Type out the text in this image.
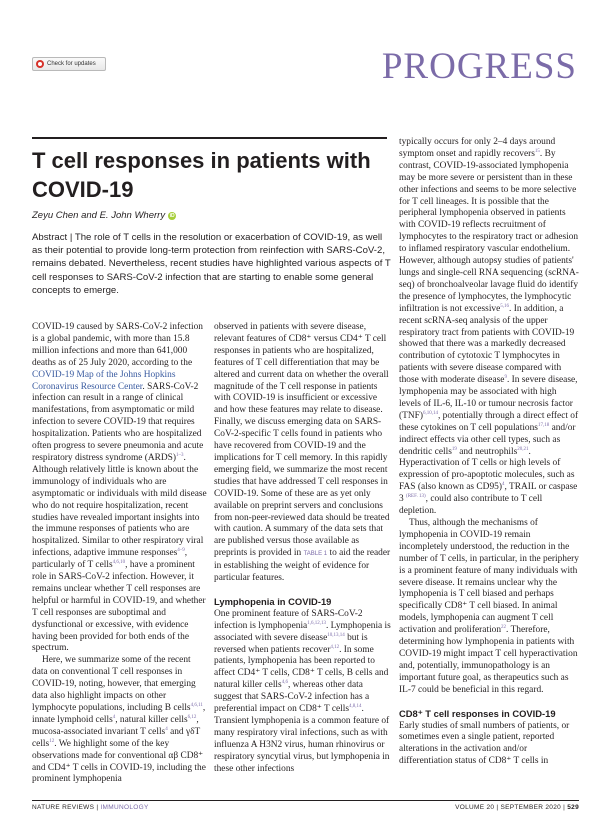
Check for updates	PROGRESS
T cell responses in patients with COVID-19
Zeyu Chen and E. John Wherry iD

Abstract | The role of T cells in the resolution or exacerbation of COVID-19, as well as their potential to provide long-term protection from reinfection with SARS-CoV-2, remains debated. Nevertheless, recent studies have highlighted various aspects of T cell responses to SARS-CoV-2 infection that are starting to enable some general concepts to emerge.

COVID-19 caused by SARS-CoV-2 infection is a global pandemic, with more than 15.8 million infections and more than 641,000 deaths as of 25 July 2020, according to the COVID-19 Map of the Johns Hopkins Coronavirus Resource Center. SARS-CoV-2 infection can result in a range of clinical manifestations, from asymptomatic or mild infection to severe COVID-19 that requires hospitalization. Patients who are hospitalized often progress to severe pneumonia and acute respiratory distress syndrome (ARDS)$^{1-3}$. Although relatively little is known about the immunology of individuals who are asymptomatic or individuals with mild disease who do not require hospitalization, recent studies have revealed important insights into the immune responses of patients who are hospitalized. Similar to other respiratory viral infections, adaptive immune responses$^{4-9}$, particularly of T cells$^{4,6,10}$, have a prominent role in SARS-CoV-2 infection. However, it remains unclear whether T cell responses are helpful or harmful in COVID-19, and whether T cell responses are suboptimal and dysfunctional or excessive, with evidence having been provided for both ends of the spectrum.

Here, we summarize some of the recent data on conventional T cell responses in COVID-19, noting, however, that emerging data also highlight impacts on other lymphocyte populations, including B cells$^{4,6,11}$, innate lymphoid cells$^4$, natural killer cells$^{6,12}$, mucosa-associated invariant T cells$^4$ and γδT cells$^{12}$. We highlight some of the key observations made for conventional αβ CD8⁺ and CD4⁺ T cells in COVID-19, including the prominent lymphopenia

observed in patients with severe disease, relevant features of CD8⁺ versus CD4⁺ T cell responses in patients who are hospitalized, features of T cell differentiation that may be altered and current data on whether the overall magnitude of the T cell response in patients with COVID-19 is insufficient or excessive and how these features may relate to disease. Finally, we discuss emerging data on SARS-CoV-2-specific T cells found in patients who have recovered from COVID-19 and the implications for T cell memory. In this rapidly emerging field, we summarize the most recent studies that have addressed T cell responses in COVID-19. Some of these are as yet only available on preprint servers and conclusions from non-peer-reviewed data should be treated with caution. A summary of the data sets that are published versus those available as preprints is provided in TABLE 1 to aid the reader in establishing the weight of evidence for particular features.

Lymphopenia in COVID-19

One prominent feature of SARS-CoV-2 infection is lymphopenia$^{1,6,12,13}$. Lymphopenia is associated with severe disease$^{10,13,14}$ but is reversed when patients recover$^{4,12}$. In some patients, lymphopenia has been reported to affect CD4⁺ T cells, CD8⁺ T cells, B cells and natural killer cells$^{4,6}$, whereas other data suggest that SARS-CoV-2 infection has a preferential impact on CD8⁺ T cells$^{4,8,14}$. Transient lymphopenia is a common feature of many respiratory viral infections, such as with influenza A H3N2 virus, human rhinovirus or respiratory syncytial virus, but lymphopenia in these other infections

typically occurs for only 2–4 days around symptom onset and rapidly recovers$^{15}$. By contrast, COVID-19-associated lymphopenia may be more severe or persistent than in these other infections and seems to be more selective for T cell lineages. It is possible that the peripheral lymphopenia observed in patients with COVID-19 reflects recruitment of lymphocytes to the respiratory tract or adhesion to inflamed respiratory vascular endothelium. However, although autopsy studies of patients' lungs and single-cell RNA sequencing (scRNA-seq) of bronchoalveolar lavage fluid do identify the presence of lymphocytes, the lymphocytic infiltration is not excessive$^{5,16}$. In addition, a recent scRNA-seq analysis of the upper respiratory tract from patients with COVID-19 showed that there was a markedly decreased contribution of cytotoxic T lymphocytes in patients with severe disease compared with those with moderate disease$^9$. In severe disease, lymphopenia may be associated with high levels of IL-6, IL-10 or tumour necrosis factor (TNF)$^{6,10,14}$, potentially through a direct effect of these cytokines on T cell populations$^{17,18}$ and/or indirect effects via other cell types, such as dendritic cells$^{19}$ and neutrophils$^{20,21}$. Hyperactivation of T cells or high levels of expression of pro-apoptotic molecules, such as FAS (also known as CD95)$^4$, TRAIL or caspase 3 $^{(REF. 13)}$, could also contribute to T cell depletion.

Thus, although the mechanisms of lymphopenia in COVID-19 remain incompletely understood, the reduction in the number of T cells, in particular, in the periphery is a prominent feature of many individuals with severe disease. It remains unclear why the lymphopenia is T cell biased and perhaps specifically CD8⁺ T cell biased. In animal models, lymphopenia can augment T cell activation and proliferation$^{22}$. Therefore, determining how lymphopenia in patients with COVID-19 might impact T cell hyperactivation and, potentially, immunopathology is an important future goal, as therapeutics such as IL-7 could be beneficial in this regard.

CD8⁺ T cell responses in COVID-19

Early studies of small numbers of patients, or sometimes even a single patient, reported alterations in the activation and/or differentiation status of CD8⁺ T cells in

NATURE REVIEWS | IMMUNOLOGY	VOLUME 20 | SEPTEMBER 2020 | 529
